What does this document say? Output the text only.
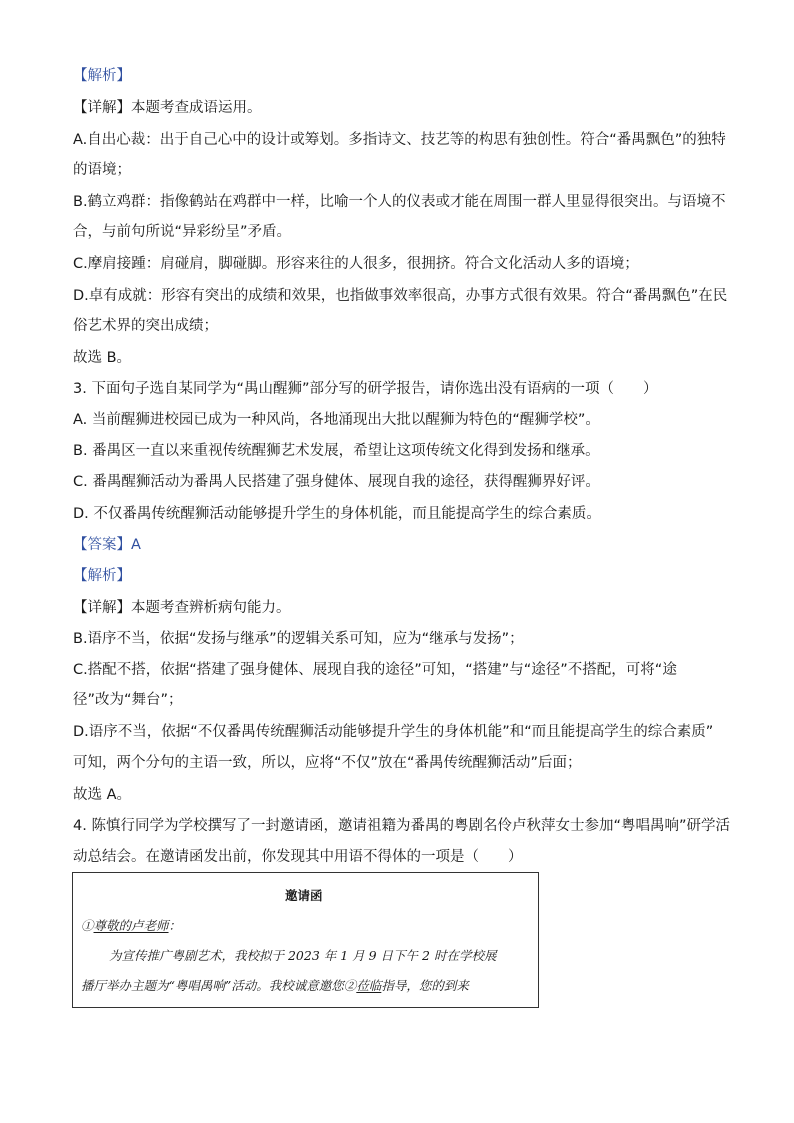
【解析】
【详解】本题考查成语运用。
A.自出心裁：出于自己心中的设计或筹划。多指诗文、技艺等的构思有独创性。符合“番禺飘色”的独特
的语境；
B.鹤立鸡群：指像鹤站在鸡群中一样，比喻一个人的仪表或才能在周围一群人里显得很突出。与语境不
合，与前句所说“异彩纷呈”矛盾。
C.摩肩接踵：肩碰肩，脚碰脚。形容来往的人很多，很拥挤。符合文化活动人多的语境；
D.卓有成就：形容有突出的成绩和效果，也指做事效率很高，办事方式很有效果。符合“番禺飘色”在民
俗艺术界的突出成绩；
故选 B。
3. 下面句子选自某同学为“禺山醒狮”部分写的研学报告，请你选出没有语病的一项（　　）
A. 当前醒狮进校园已成为一种风尚，各地涌现出大批以醒狮为特色的“醒狮学校”。
B. 番禺区一直以来重视传统醒狮艺术发展，希望让这项传统文化得到发扬和继承。
C. 番禺醒狮活动为番禺人民搭建了强身健体、展现自我的途径，获得醒狮界好评。
D. 不仅番禺传统醒狮活动能够提升学生的身体机能，而且能提高学生的综合素质。
【答案】A
【解析】
【详解】本题考查辨析病句能力。
B.语序不当，依据“发扬与继承”的逻辑关系可知，应为“继承与发扬”；
C.搭配不搭，依据“搭建了强身健体、展现自我的途径”可知，“搭建”与“途径”不搭配，可将“途
径”改为“舞台”；
D.语序不当，依据“不仅番禺传统醒狮活动能够提升学生的身体机能”和“而且能提高学生的综合素质”
可知，两个分句的主语一致，所以，应将“不仅”放在“番禺传统醒狮活动”后面；
故选 A。
4. 陈慎行同学为学校撰写了一封邀请函，邀请祖籍为番禺的粤剧名伶卢秋萍女士参加“粤唱禺响”研学活
动总结会。在邀请函发出前，你发现其中用语不得体的一项是（　　）
邀请函
①尊敬的卢老师：
为宣传推广粤剧艺术，我校拟于 2023 年 1 月 9 日下午 2 时在学校展
播厅举办主题为“粤唱禺响”活动。我校诚意邀您②莅临指导，您的到来
